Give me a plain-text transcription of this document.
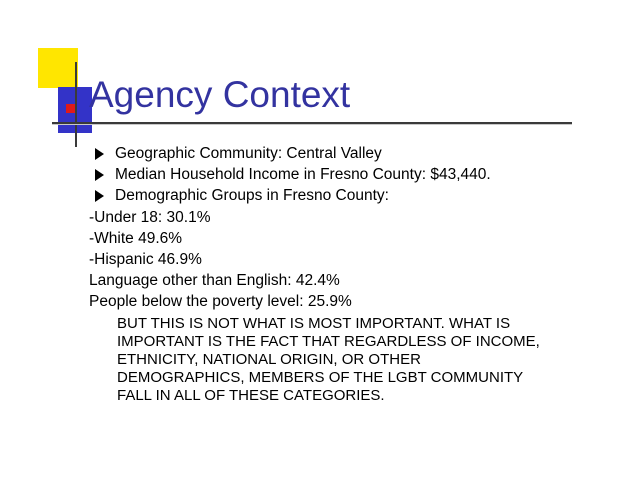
Agency Context
Geographic Community: Central Valley
Median Household Income in Fresno County: $43,440.
Demographic Groups in Fresno County:

-Under 18: 30.1%

-White 49.6%

-Hispanic 46.9%

Language other than English: 42.4%

People below the poverty level: 25.9%

BUT THIS IS NOT WHAT IS MOST IMPORTANT. WHAT IS
IMPORTANT IS THE FACT THAT REGARDLESS OF INCOME,
ETHNICITY, NATIONAL ORIGIN, OR OTHER
DEMOGRAPHICS, MEMBERS OF THE LGBT COMMUNITY
FALL IN ALL OF THESE CATEGORIES.
